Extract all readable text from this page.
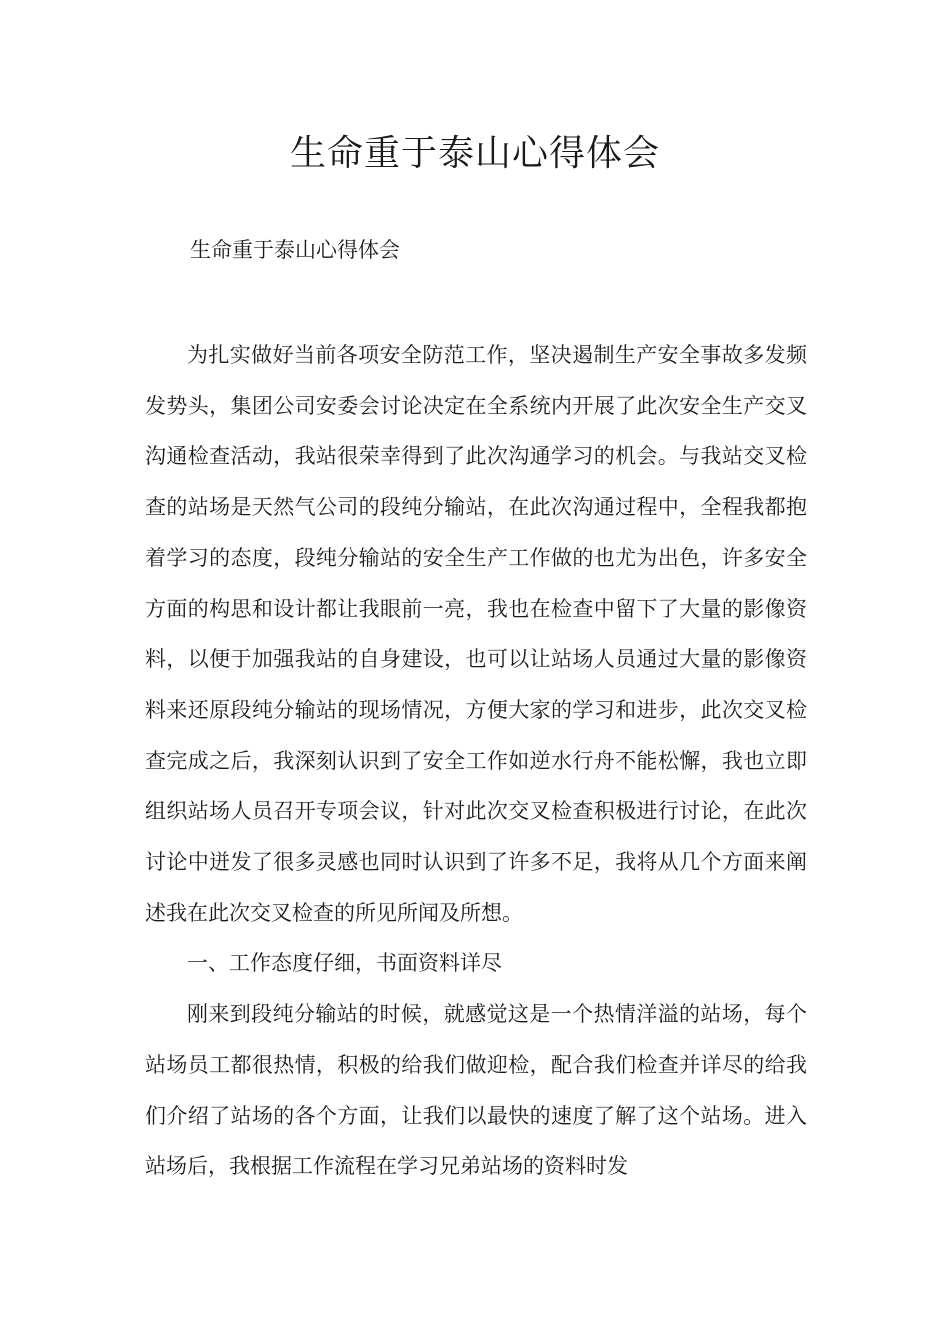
生命重于泰山心得体会

生命重于泰山心得体会

为扎实做好当前各项安全防范工作，坚决遏制生产安全事故多发频发势头，集团公司安委会讨论决定在全系统内开展了此次安全生产交叉沟通检查活动，我站很荣幸得到了此次沟通学习的机会。与我站交叉检查的站场是天然气公司的段纯分输站，在此次沟通过程中，全程我都抱着学习的态度，段纯分输站的安全生产工作做的也尤为出色，许多安全方面的构思和设计都让我眼前一亮，我也在检查中留下了大量的影像资料，以便于加强我站的自身建设，也可以让站场人员通过大量的影像资料来还原段纯分输站的现场情况，方便大家的学习和进步，此次交叉检查完成之后，我深刻认识到了安全工作如逆水行舟不能松懈，我也立即组织站场人员召开专项会议，针对此次交叉检查积极进行讨论，在此次讨论中迸发了很多灵感也同时认识到了许多不足，我将从几个方面来阐述我在此次交叉检查的所见所闻及所想。

一、工作态度仔细，书面资料详尽

刚来到段纯分输站的时候，就感觉这是一个热情洋溢的站场，每个站场员工都很热情，积极的给我们做迎检，配合我们检查并详尽的给我们介绍了站场的各个方面，让我们以最快的速度了解了这个站场。进入站场后，我根据工作流程在学习兄弟站场的资料时发
